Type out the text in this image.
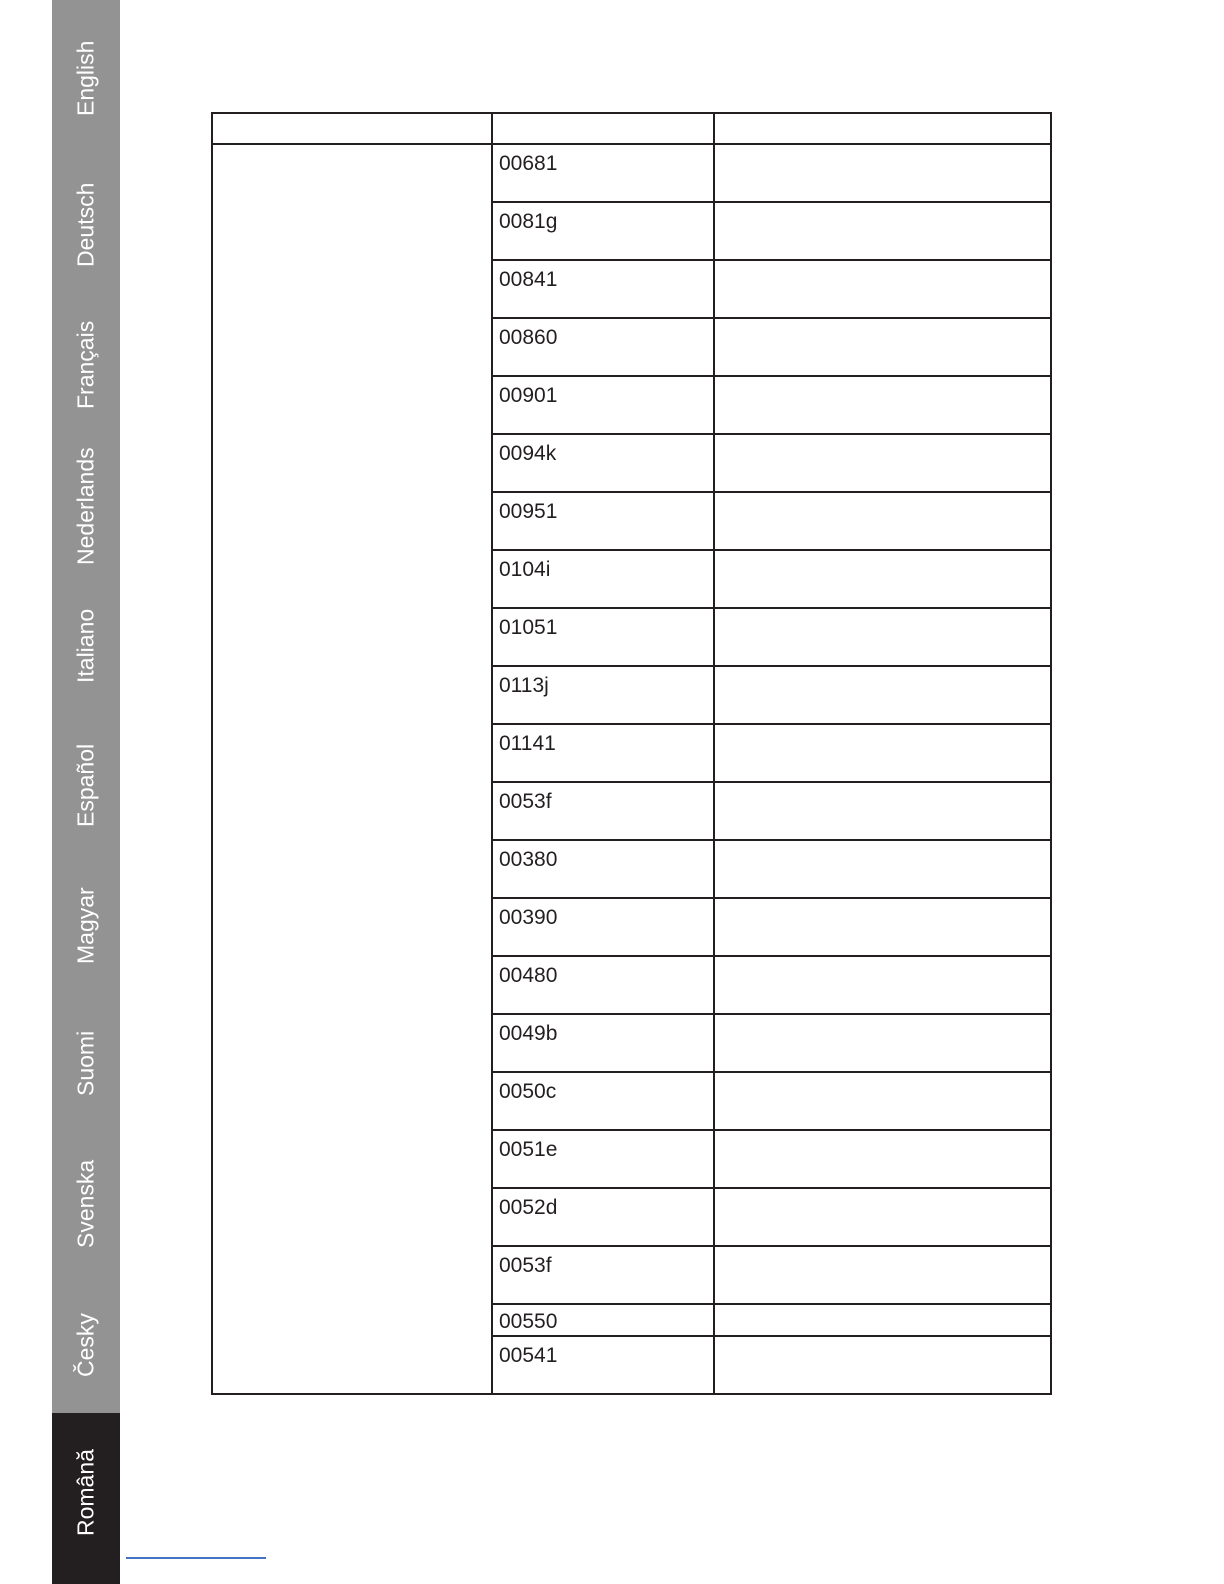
English
Deutsch
Français
Nederlands
Italiano
Español
Magyar
Suomi
Svenska
Česky
Română

	00681	
	0081g	
	00841	
	00860	
	00901	
	0094k	
	00951	
	0104i	
	01051	
	0113j	
	01141	
	0053f	
	00380	
	00390	
	00480	
	0049b	
	0050c	
	0051e	
	0052d	
	0053f	
	00550	
	00541	
